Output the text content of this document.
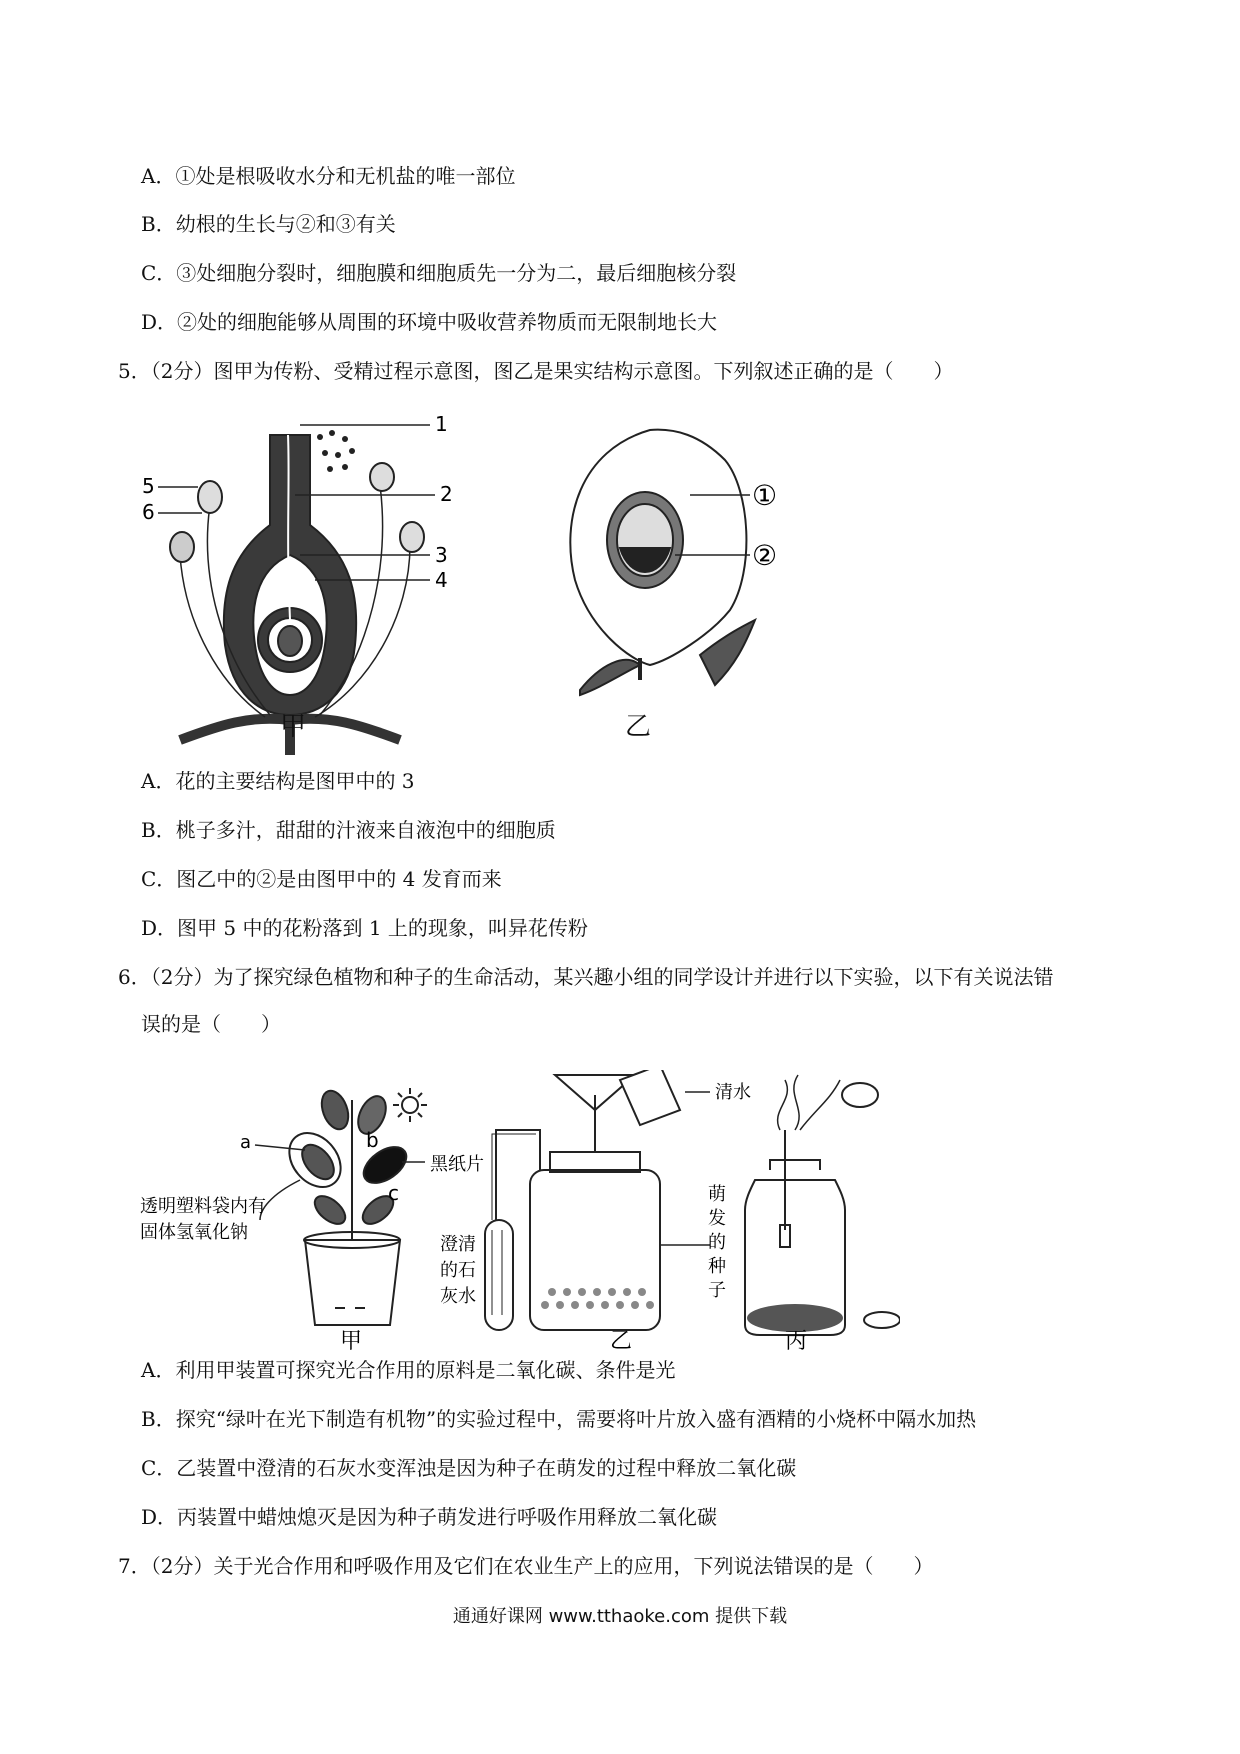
A．①处是根吸收水分和无机盐的唯一部位
B．幼根的生长与②和③有关
C．③处细胞分裂时，细胞膜和细胞质先一分为二，最后细胞核分裂
D．②处的细胞能够从周围的环境中吸收营养物质而无限制地长大
5．（2分）图甲为传粉、受精过程示意图，图乙是果实结构示意图。下列叙述正确的是（　　）
1
2
3
4
5
6
甲
①
②
乙
A．花的主要结构是图甲中的 3
B．桃子多汁，甜甜的汁液来自液泡中的细胞质
C．图乙中的②是由图甲中的 4 发育而来
D．图甲 5 中的花粉落到 1 上的现象，叫异花传粉
6．（2分）为了探究绿色植物和种子的生命活动，某兴趣小组的同学设计并进行以下实验，以下有关说法错
误的是（　　）
a	b
c
黑纸片
透明塑料袋内有
固体氢氧化钠
澄清
的石
灰水
清水
萌
发
的
种
子
甲	乙	丙
A．利用甲装置可探究光合作用的原料是二氧化碳、条件是光
B．探究“绿叶在光下制造有机物”的实验过程中，需要将叶片放入盛有酒精的小烧杯中隔水加热
C．乙装置中澄清的石灰水变浑浊是因为种子在萌发的过程中释放二氧化碳
D．丙装置中蜡烛熄灭是因为种子萌发进行呼吸作用释放二氧化碳
7．（2分）关于光合作用和呼吸作用及它们在农业生产上的应用，下列说法错误的是（　　）
通通好课网 www.tthaoke.com 提供下载
